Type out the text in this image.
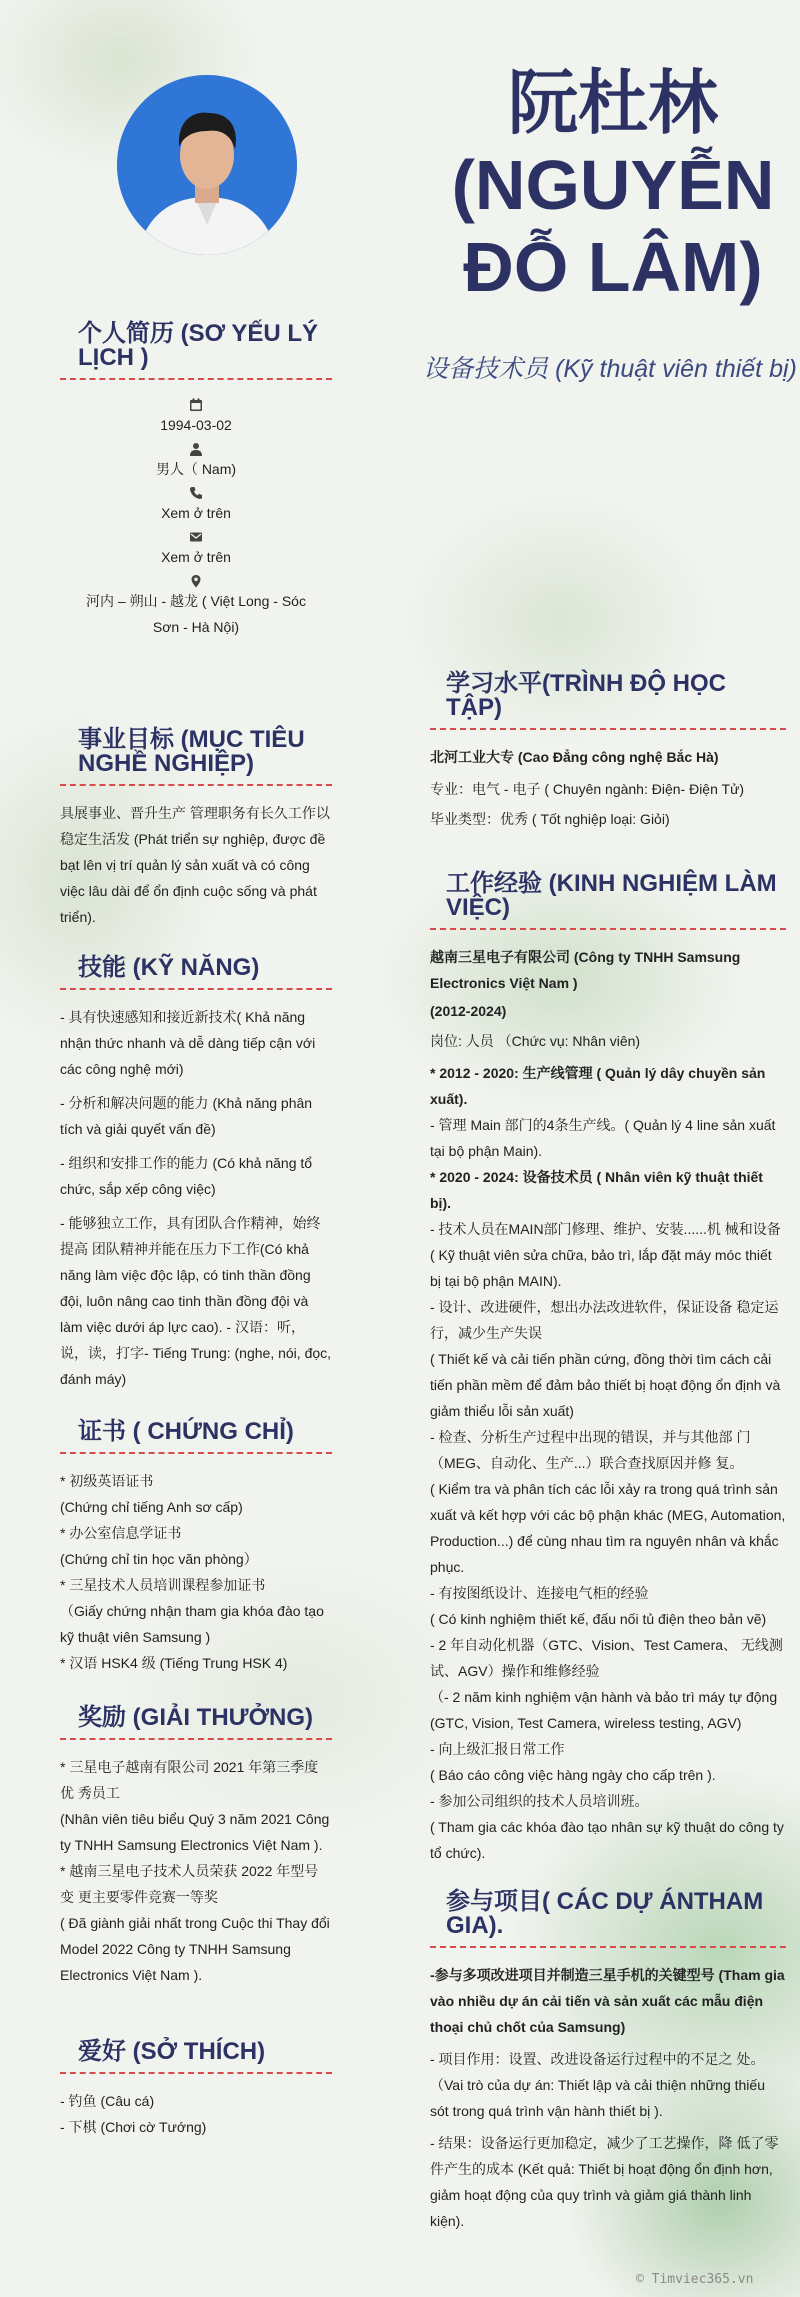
阮杜林 (NGUYỄN ĐỖ LÂM)
设备技术员 (Kỹ thuật viên thiết bị)
个人简历 (SƠ YẾU LÝ LỊCH )
1994-03-02
男人（ Nam)
Xem ở trên
Xem ở trên
河内 – 朔山 - 越龙 ( Việt Long - Sóc Sơn - Hà Nội)
事业目标 (MỤC TIÊU NGHỀ NGHIỆP)

具展事业、晋升生产 管理职务有长久工作以稳定生活发 (Phát triển sự nghiệp, được đề bạt lên vị trí quản lý sản xuất và có công việc lâu dài để ổn định cuộc sống và phát triển).

技能 (KỸ NĂNG)

- 具有快速感知和接近新技术( Khả năng nhận thức nhanh và dễ dàng tiếp cận với các công nghệ mới)

- 分析和解决问题的能力 (Khả năng phân tích và giải quyết vấn đề)

- 组织和安排工作的能力 (Có khả năng tổ chức, sắp xếp công việc)

- 能够独立工作，具有团队合作精神，始终提高 团队精神并能在压力下工作(Có khả năng làm việc độc lập, có tinh thần đồng đội, luôn nâng cao tinh thần đồng đội và làm việc dưới áp lực cao). - 汉语：听，说，读，打字- Tiếng Trung: (nghe, nói, đọc, đánh máy)

证书 ( CHỨNG CHỈ)

* 初级英语证书

(Chứng chỉ tiếng Anh sơ cấp)

* 办公室信息学证书

(Chứng chỉ tin học văn phòng）

* 三星技术人员培训课程参加证书

（Giấy chứng nhận tham gia khóa đào tạo kỹ thuật viên Samsung )

* 汉语 HSK4 级 (Tiếng Trung HSK 4)

奖励 (GIẢI THƯỞNG)

* 三星电子越南有限公司 2021 年第三季度优 秀员工

(Nhân viên tiêu biểu Quý 3 năm 2021 Công ty TNHH Samsung Electronics Việt Nam ).

* 越南三星电子技术人员荣获 2022 年型号变 更主要零件竞赛一等奖

( Đã giành giải nhất trong Cuộc thi Thay đổi Model 2022 Công ty TNHH Samsung Electronics Việt Nam ).

爱好 (SỞ THÍCH)

- 钓鱼 (Câu cá)

- 下棋 (Chơi cờ Tướng)

学习水平(TRÌNH ĐỘ HỌC TẬP)

北河工业大专 (Cao Đẳng công nghệ Bắc Hà)

专业：电气 - 电子 ( Chuyên ngành: Điện- Điện Tử)

毕业类型：优秀 ( Tốt nghiệp loại: Giỏi)

工作经验 (KINH NGHIỆM LÀM VIỆC)

越南三星电子有限公司 (Công ty TNHH Samsung Electronics Việt Nam )

(2012-2024)

岗位: 人员 （Chức vụ: Nhân viên)

* 2012 - 2020: 生产线管理 ( Quản lý dây chuyền sản xuất).

- 管理 Main 部门的4条生产线。( Quản lý 4 line sản xuất tại bộ phận Main).

* 2020 - 2024: 设备技术员 ( Nhân viên kỹ thuật thiết bị).

- 技术人员在MAIN部门修理、维护、安装......机 械和设备 ( Kỹ thuật viên sửa chữa, bảo trì, lắp đặt máy móc thiết bị tại bộ phận MAIN).

- 设计、改进硬件，想出办法改进软件，保证设备 稳定运行，减少生产失误

( Thiết kế và cải tiến phần cứng, đồng thời tìm cách cải tiến phần mềm để đảm bảo thiết bị hoạt động ổn định và giảm thiểu lỗi sản xuất)

- 检查、分析生产过程中出现的错误，并与其他部 门（MEG、自动化、生产...）联合查找原因并修 复。

( Kiểm tra và phân tích các lỗi xảy ra trong quá trình sản xuất và kết hợp với các bộ phận khác (MEG, Automation, Production...) để cùng nhau tìm ra nguyên nhân và khắc phục.

- 有按图纸设计、连接电气柜的经验

( Có kinh nghiệm thiết kế, đấu nối tủ điện theo bản vẽ)

- 2 年自动化机器（GTC、Vision、Test Camera、 无线测试、AGV）操作和维修经验

（- 2 năm kinh nghiệm vận hành và bảo trì máy tự động (GTC, Vision, Test Camera, wireless testing, AGV)

- 向上级汇报日常工作

( Báo cáo công việc hàng ngày cho cấp trên ).

- 参加公司组织的技术人员培训班。

( Tham gia các khóa đào tạo nhân sự kỹ thuật do công ty tổ chức).

参与项目( CÁC DỰ ÁNTHAM GIA).

-参与多项改进项目并制造三星手机的关键型号 (Tham gia vào nhiều dự án cải tiến và sản xuất các mẫu điện thoại chủ chốt của Samsung)

- 项目作用：设置、改进设备运行过程中的不足之 处。（Vai trò của dự án: Thiết lập và cải thiện những thiếu sót trong quá trình vận hành thiết bị ).

- 结果：设备运行更加稳定，减少了工艺操作，降 低了零件产生的成本 (Kết quả: Thiết bị hoạt động ổn định hơn, giảm hoạt động của quy trình và giảm giá thành linh kiện).

© Timviec365.vn
